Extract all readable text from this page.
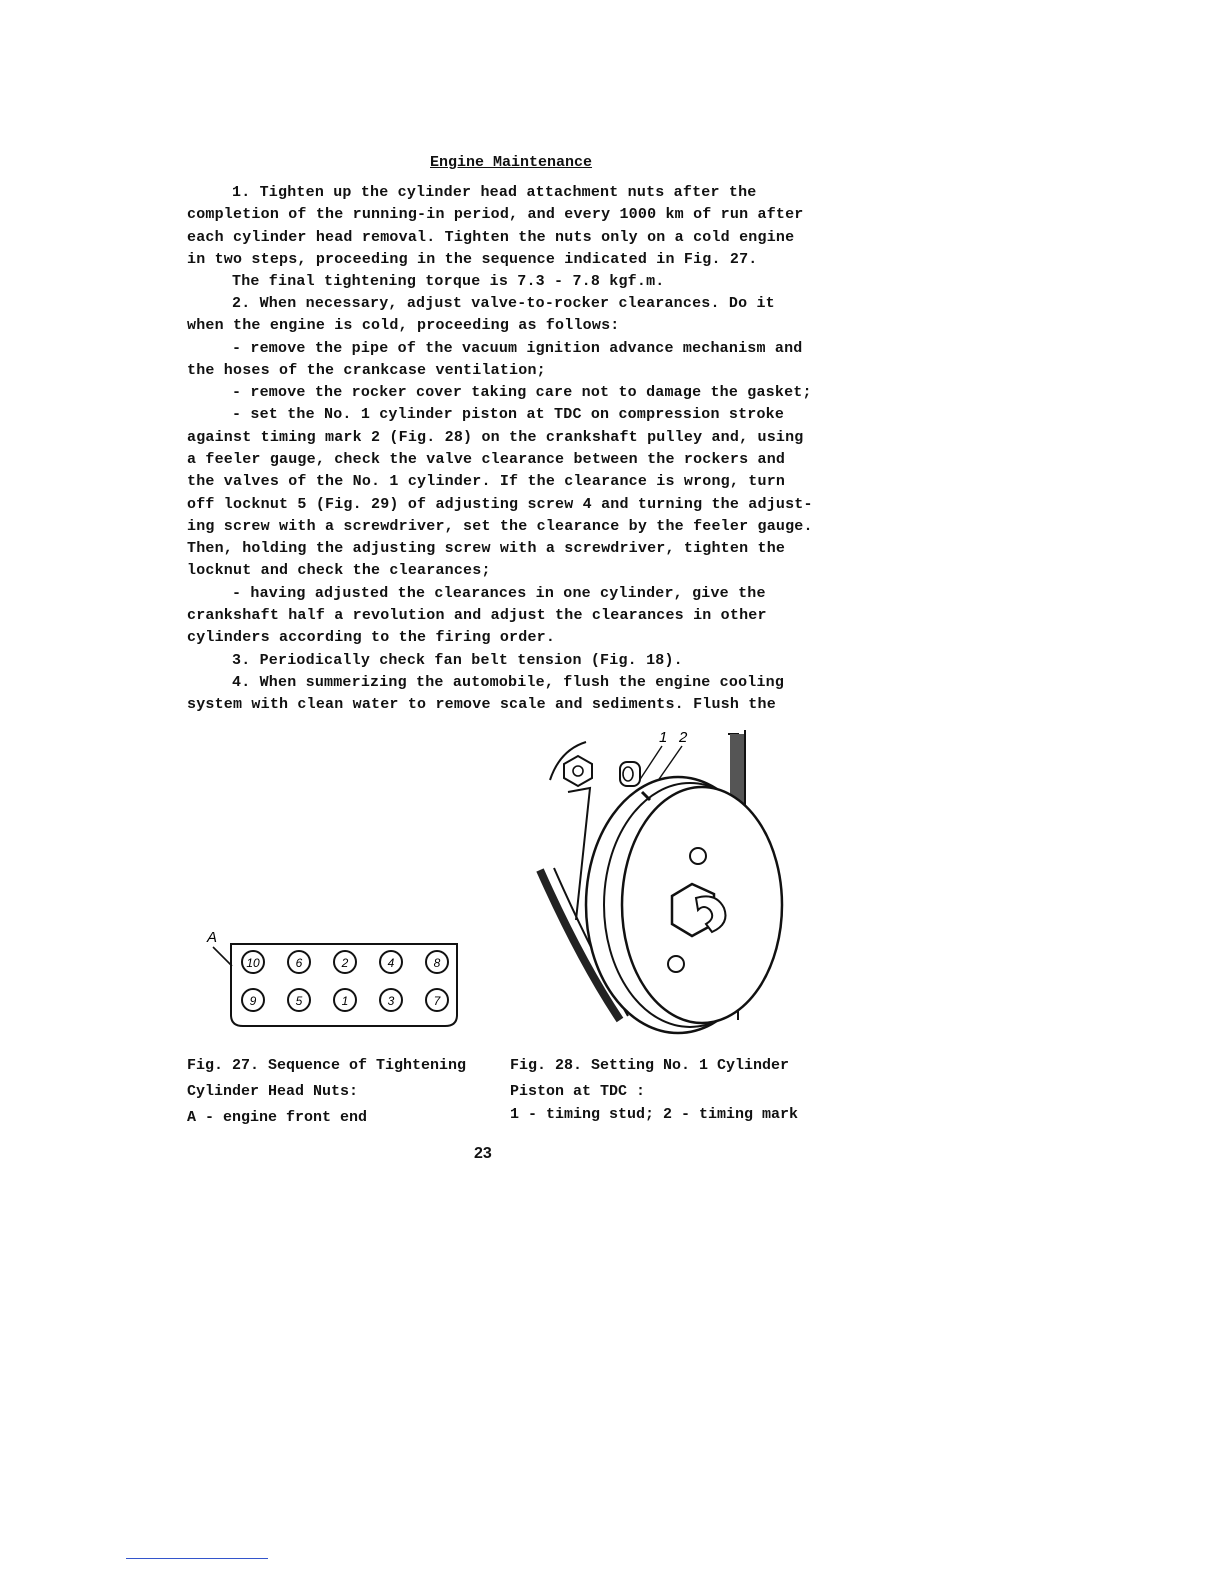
Engine Maintenance
1. Tighten up the cylinder head attachment nuts after the
completion of the running-in period, and every 1000 km of run after
each cylinder head removal. Tighten the nuts only on a cold engine
in two steps, proceeding in the sequence indicated in Fig. 27.
The final tightening torque is 7.3 - 7.8 kgf.m.
2. When necessary, adjust valve-to-rocker clearances. Do it
when the engine is cold, proceeding as follows:
- remove the pipe of the vacuum ignition advance mechanism and
the hoses of the crankcase ventilation;
- remove the rocker cover taking care not to damage the gasket;
- set the No. 1 cylinder piston at TDC on compression stroke
against timing mark 2 (Fig. 28) on the crankshaft pulley and, using
a feeler gauge, check the valve clearance between the rockers and
the valves of the No. 1 cylinder. If the clearance is wrong, turn
off locknut 5 (Fig. 29) of adjusting screw 4 and turning the adjust-
ing screw with a screwdriver, set the clearance by the feeler gauge.
Then, holding the adjusting screw with a screwdriver, tighten the
locknut and check the clearances;
- having adjusted the clearances in one cylinder, give the
crankshaft half a revolution and adjust the clearances in other
cylinders according to the firing order.
3. Periodically check fan belt tension (Fig. 18).
4. When summerizing the automobile, flush the engine cooling
system with clean water to remove scale and sediments. Flush the
A
10	6	2	4	8
9	5	1	3	7
1 2
Fig. 27. Sequence of Tightening
Cylinder Head Nuts:
A - engine front end
Fig. 28. Setting No. 1 Cylinder
Piston at TDC :
1 - timing stud; 2 - timing mark
23
